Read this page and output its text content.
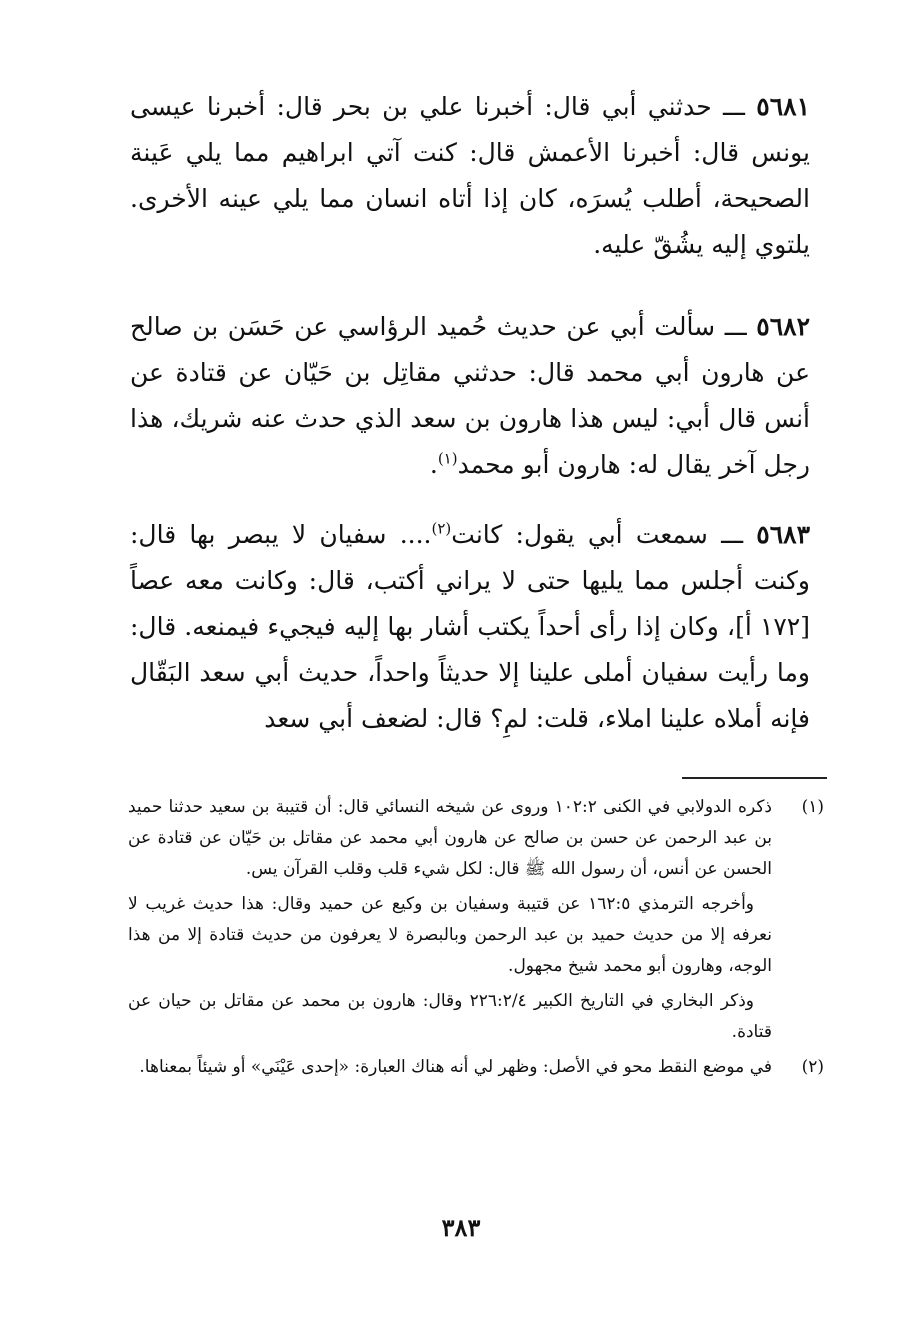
٥٦٨١ ـــ حدثني أبي قال: أخبرنا علي بن بحر قال: أخبرنا عيسى يونس قال: أخبرنا الأعمش قال: كنت آتي ابراهيم مما يلي عَينة الصحيحة، أطلب يُسرَه، كان إذا أتاه انسان مما يلي عينه الأخرى. يلتوي إليه يشُقّ عليه.
٥٦٨٢ ـــ سألت أبي عن حديث حُميد الرؤاسي عن حَسَن بن صالح عن هارون أبي محمد قال: حدثني مقاتِل بن حَيّان عن قتادة عن أنس قال أبي: ليس هذا هارون بن سعد الذي حدث عنه شريك، هذا رجل آخر يقال له: هارون أبو محمد$^{(١)}$.
٥٦٨٣ ـــ سمعت أبي يقول: كانت$^{(٢)}$.... سفيان لا يبصر بها قال: وكنت أجلس مما يليها حتى لا يراني أكتب، قال: وكانت معه عصاً [١٧٢ أ]، وكان إذا رأى أحداً يكتب أشار بها إليه فيجيء فيمنعه. قال: وما رأيت سفيان أملى علينا إلا حديثاً واحداً، حديث أبي سعد البَقّال فإنه أملاه علينا املاء، قلت: لمِ؟ قال: لضعف أبي سعد
(١)
ذكره الدولابي في الكنى ١٠٢:٢ وروى عن شيخه النسائي قال: أن قتيبة بن سعيد حدثنا حميد بن عبد الرحمن عن حسن بن صالح عن هارون أبي محمد عن مقاتل بن حَيّان عن قتادة عن الحسن عن أنس، أن رسول الله ﷺ قال: لكل شيء قلب وقلب القرآن يس.
وأخرجه الترمذي ١٦٢:٥ عن قتيبة وسفيان بن وكيع عن حميد وقال: هذا حديث غريب لا نعرفه إلا من حديث حميد بن عبد الرحمن وبالبصرة لا يعرفون من حديث قتادة إلا من هذا الوجه، وهارون أبو محمد شيخ مجهول.
وذكر البخاري في التاريخ الكبير ٢٢٦:٢/٤ وقال: هارون بن محمد عن مقاتل بن حيان عن قتادة.
(٢)
في موضع النقط محو في الأصل: وظهر لي أنه هناك العبارة: «إحدى عَيْنَي» أو شيئاً بمعناها.
٣٨٣
